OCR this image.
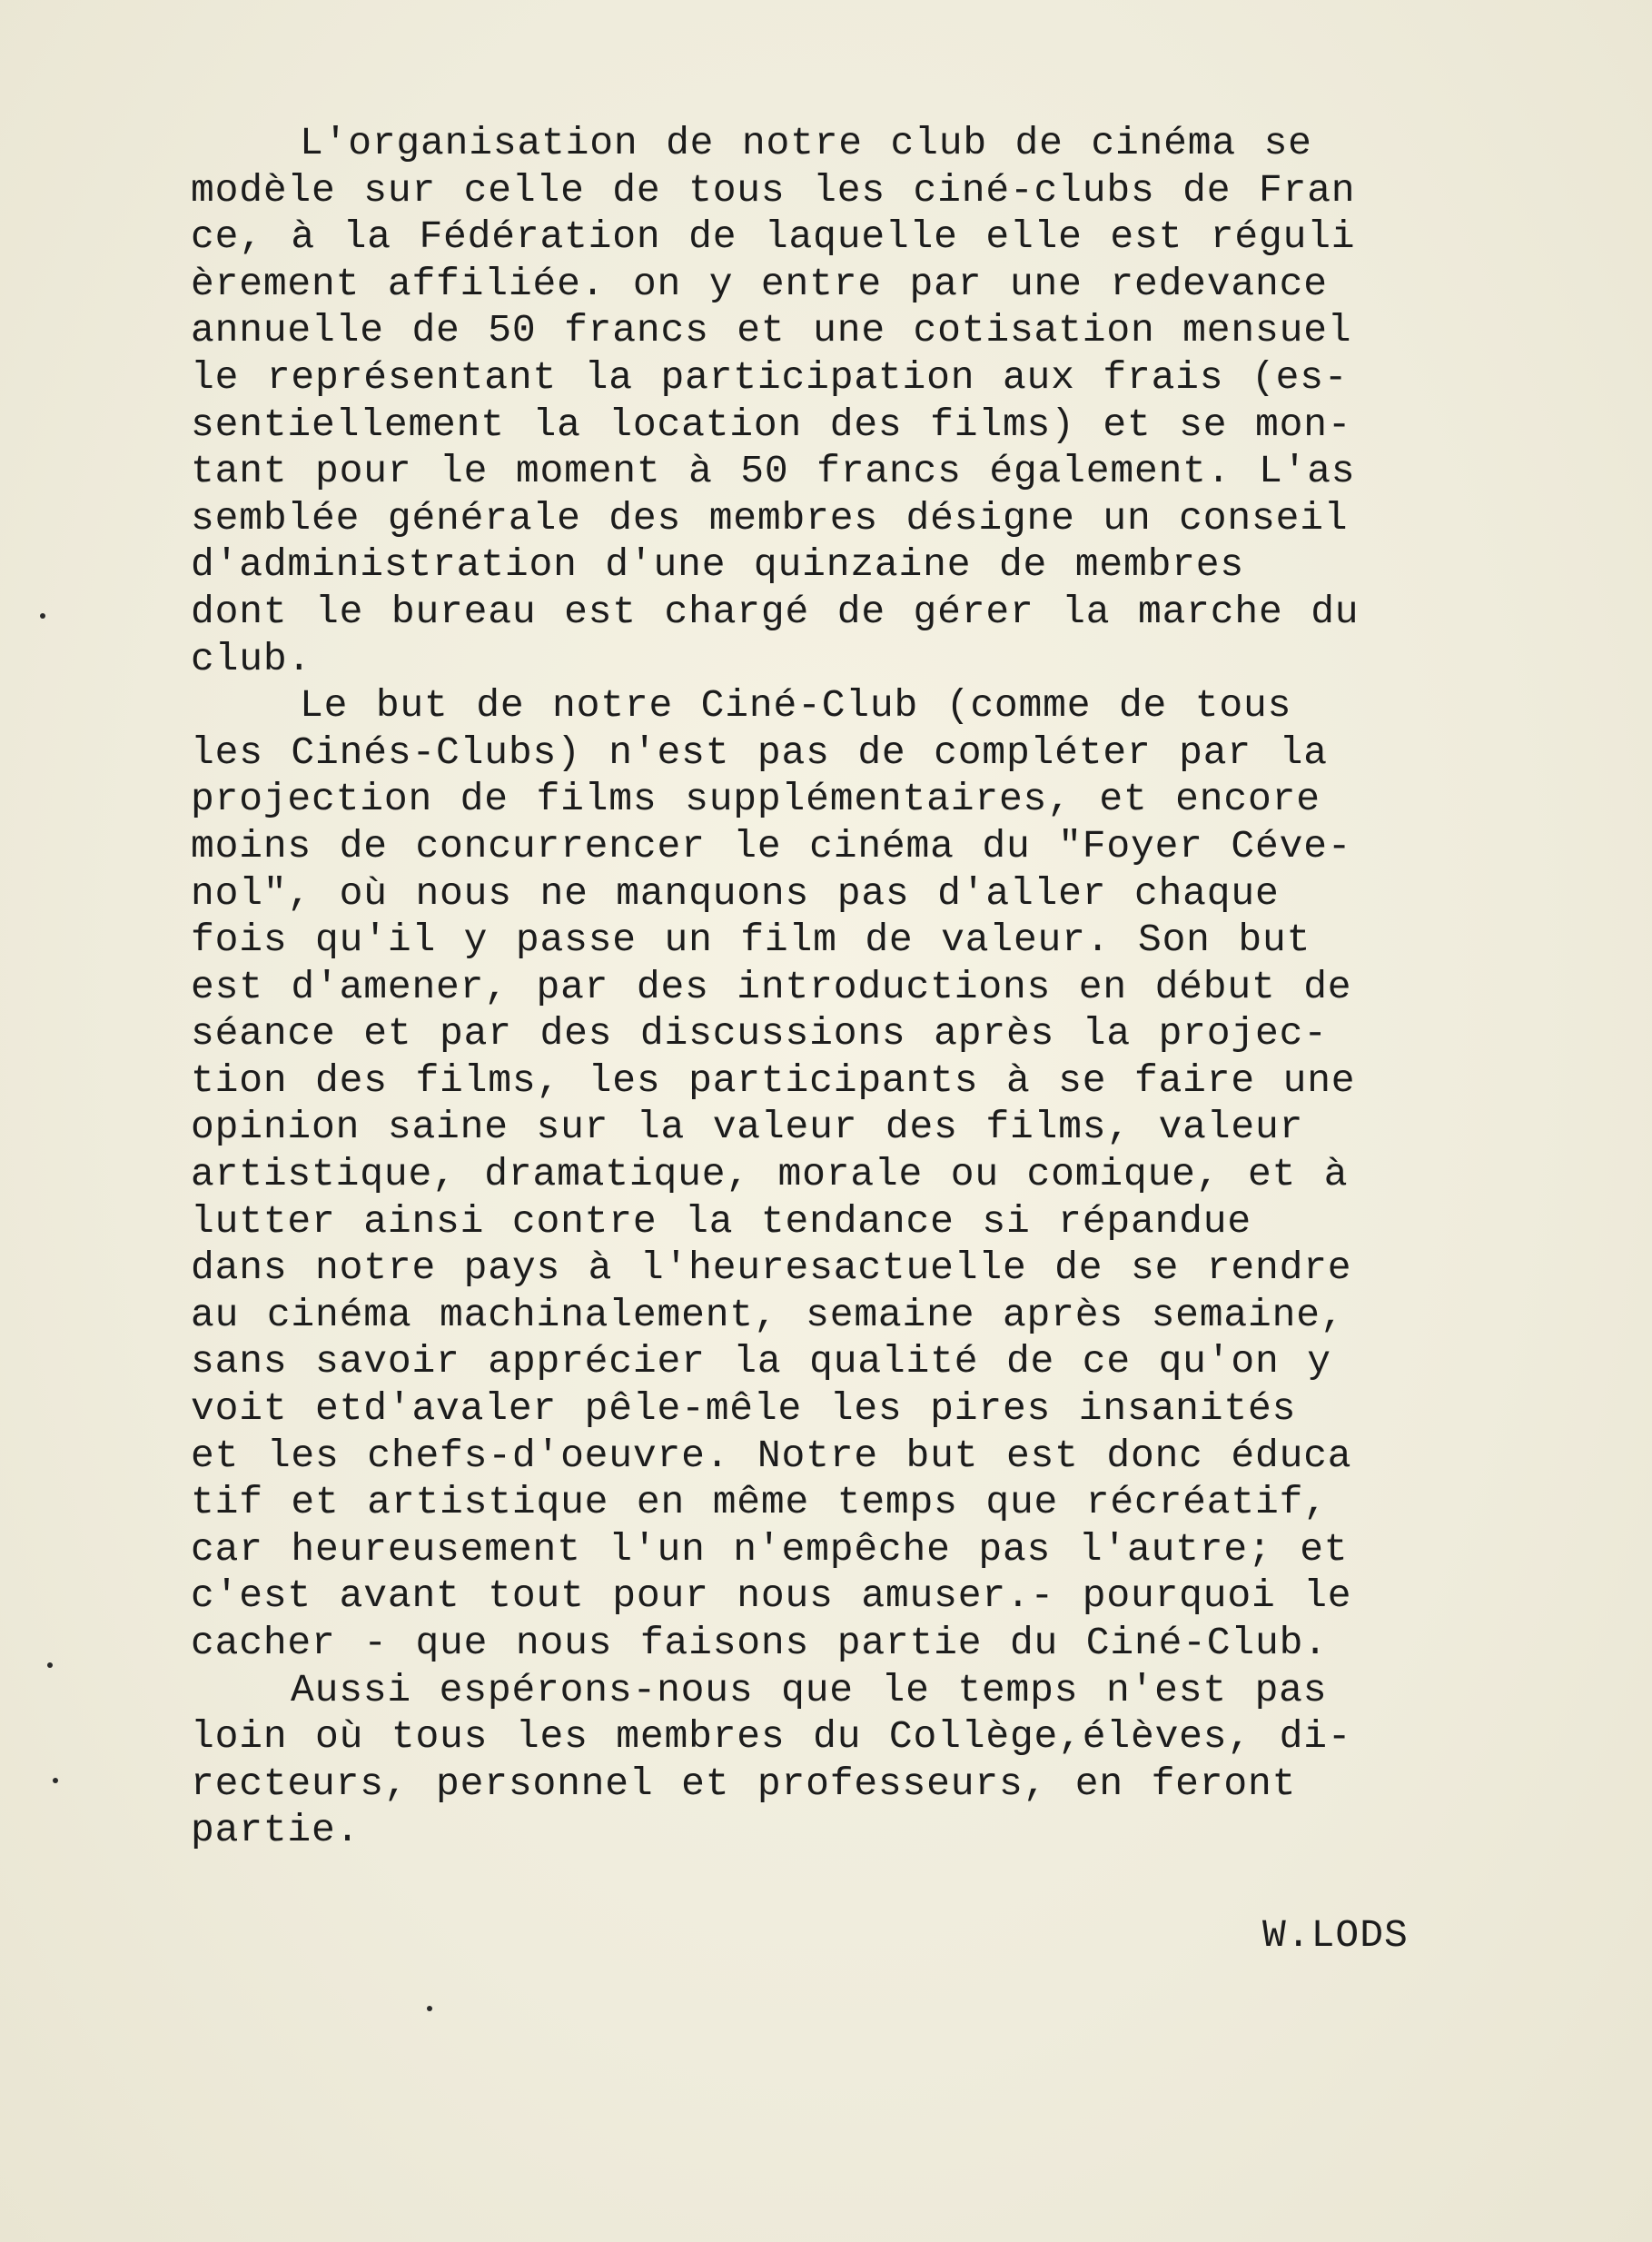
L'organisation de notre club de cinéma se
modèle sur celle de tous les ciné-clubs de Fran
ce, à la Fédération de laquelle elle est réguli
èrement affiliée. on y entre par une redevance
annuelle de 50 francs et une cotisation mensuel
le représentant la participation aux frais (es-
sentiellement la location des films) et se mon-
tant pour le moment à 50 francs également. L'as
semblée générale des membres désigne un conseil
d'administration d'une quinzaine de membres
dont le bureau est chargé de gérer la marche du
club.
Le but de notre Ciné-Club (comme de tous
les Cinés-Clubs) n'est pas de compléter par la
projection de films supplémentaires, et encore
moins de concurrencer le cinéma du "Foyer Céve-
nol", où nous ne manquons pas d'aller chaque
fois qu'il y passe un film de valeur. Son but
est d'amener, par des introductions en début de
séance et par des discussions après la projec-
tion des films, les participants à se faire une
opinion saine sur la valeur des films, valeur
artistique, dramatique, morale ou comique, et à
lutter ainsi contre la tendance si répandue
dans notre pays à l'heuresactuelle de se rendre
au cinéma machinalement, semaine après semaine,
sans savoir apprécier la qualité de ce qu'on y
voit etd'avaler pêle-mêle les pires insanités
et les chefs-d'oeuvre. Notre but est donc éduca
tif et artistique en même temps que récréatif,
car heureusement l'un n'empêche pas l'autre; et
c'est avant tout pour nous amuser.- pourquoi le
cacher - que nous faisons partie du Ciné-Club.
Aussi espérons-nous que le temps n'est pas
loin où tous les membres du Collège,élèves, di-
recteurs, personnel et professeurs, en feront
partie.
W.LODS
